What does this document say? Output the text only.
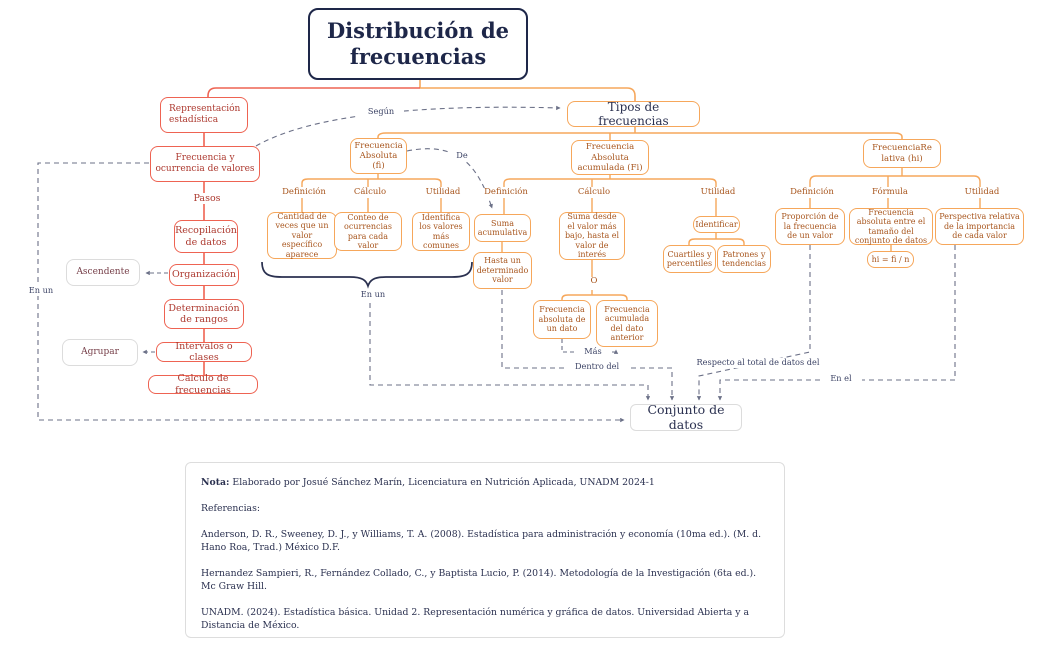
Distribución de frecuencias
Representación estadística
Frecuencia y ocurrencia de valores
Pasos
Recopilación de datos
Organización
Determinación de rangos
Intervalos o clases
Calculo de frecuencias
Ascendente
Agrupar
Tipos de frecuencias
Frecuencia Absoluta (fi)
Definición	Cálculo	Utilidad
Cantidad de veces que un valor específico aparece
Conteo de ocurrencias para cada valor
Identifica los valores más comunes
Frecuencia Absoluta acumulada (Fi)
Definición	Cálculo	Utilidad
Suma acumulativa
Hasta un determinado valor
Suma desde el valor más bajo, hasta el valor de interés
O
Frecuencia absoluta de un dato
Frecuencia acumulada del dato anterior
Más
Identificar
Cuartiles y percentiles
Patrones y tendencias
FrecuenciaRe lativa (hi)
Definición	Fórmula	Utilidad
Proporción de la frecuencia de un valor
Frecuencia absoluta entre el tamaño del conjunto de datos
hi = fi / n
Perspectiva relativa de la importancia de cada valor
Conjunto de datos
Según
De
En un	En un
Dentro del	Respecto al total de datos del
En el

Nota: Elaborado por Josué Sánchez Marín, Licenciatura en Nutrición Aplicada, UNADM 2024-1

Referencias:

Anderson, D. R., Sweeney, D. J., y Williams, T. A. (2008). Estadística para administración y economía (10ma ed.). (M. d. Hano Roa, Trad.) México D.F.

Hernandez Sampieri, R., Fernández Collado, C., y Baptista Lucio, P. (2014). Metodología de la Investigación (6ta ed.). Mc Graw Hill.

UNADM. (2024). Estadística básica. Unidad 2. Representación numérica y gráfica de datos. Universidad Abierta y a Distancia de México.
